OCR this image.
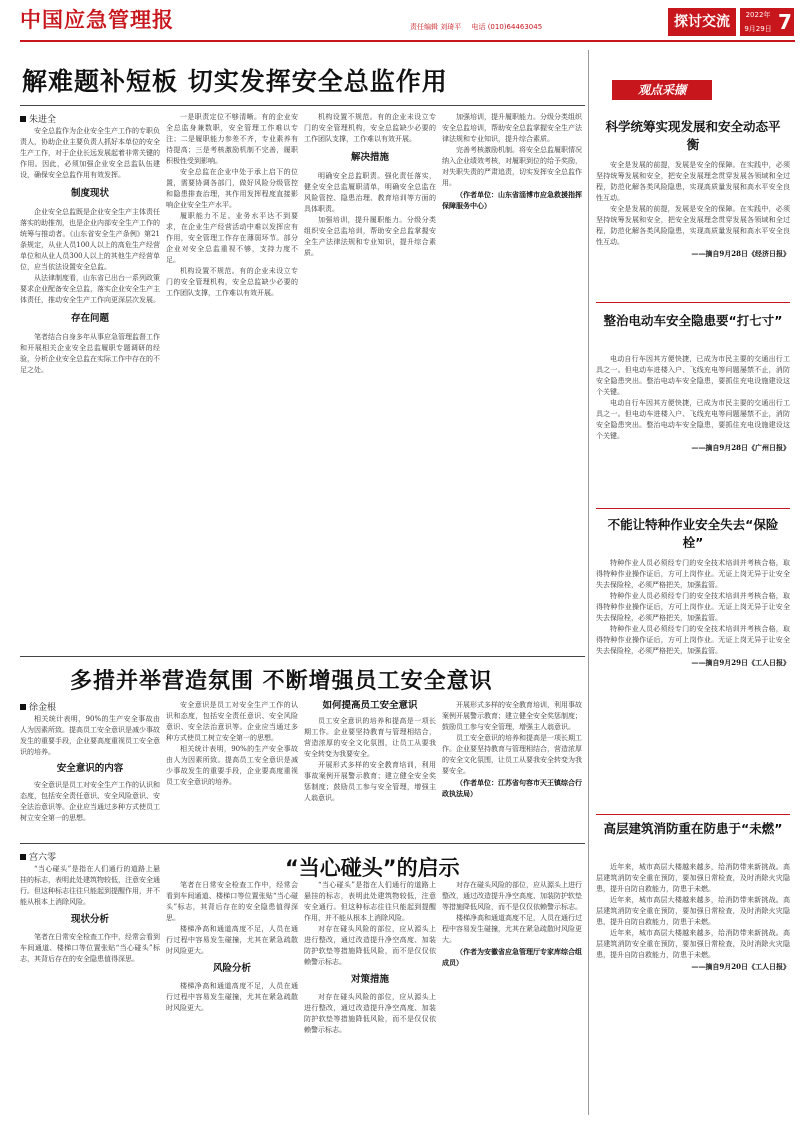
中国应急管理报	责任编辑 刘琦平 电话 (010)64463045	探讨交流	2022年
9月29日 7
解难题补短板 切实发挥安全总监作用
朱进全

安全总监作为企业安全生产工作的专职负责人，协助企业主要负责人抓好本单位的安全生产工作，对于企业长远发展起着非常关键的作用。因此，必须加强企业安全总监队伍建设，确保安全总监作用有效发挥。

制度现状

企业安全总监既是企业安全生产主体责任落实的助推剂，也是企业内部安全生产工作的统筹与推动者。《山东省安全生产条例》第21条规定，从业人员100人以上的高危生产经营单位和从业人员300人以上的其他生产经营单位，应当依法设置安全总监。

从法律制度看，山东省已出台一系列政策要求企业配备安全总监，落实企业安全生产主体责任，推动安全生产工作向更深层次发展。

存在问题

笔者结合自身多年从事应急管理监督工作和开展相关企业安全总监履职专题调研的经验，分析企业安全总监在实际工作中存在的不足之处。

一是职责定位不够清晰。有的企业安全总监身兼数职，安全管理工作难以专注；二是履职能力参差不齐，专业素养有待提高；三是考核激励机制不完善，履职积极性受到影响。

安全总监在企业中处于承上启下的位置，需要协调各部门，做好风险分级管控和隐患排查治理，其作用发挥程度直接影响企业安全生产水平。

履职能力不足。业务水平达不到要求，在企业生产经营活动中难以发挥应有作用，安全管理工作存在薄弱环节。部分企业对安全总监重视不够，支持力度不足。

机构设置不规范。有的企业未设立专门的安全管理机构，安全总监缺少必要的工作团队支撑，工作难以有效开展。

机构设置不规范。有的企业未设立专门的安全管理机构，安全总监缺少必要的工作团队支撑，工作难以有效开展。

解决措施

明确安全总监职责。强化责任落实，健全安全总监履职清单，明确安全总监在风险管控、隐患治理、教育培训等方面的具体职责。

加强培训，提升履职能力。分级分类组织安全总监培训，帮助安全总监掌握安全生产法律法规和专业知识，提升综合素质。

加强培训，提升履职能力。分级分类组织安全总监培训，帮助安全总监掌握安全生产法律法规和专业知识，提升综合素质。

完善考核激励机制。将安全总监履职情况纳入企业绩效考核，对履职到位的给予奖励，对失职失责的严肃追责，切实发挥安全总监作用。

（作者单位：山东省淄博市应急救援指挥保障服务中心）

多措并举营造氛围 不断增强员工安全意识
徐金根

相关统计表明，90%的生产安全事故由人为因素所致。提高员工安全意识是减少事故发生的重要手段，企业要高度重视员工安全意识的培养。

安全意识的内容

安全意识是员工对安全生产工作的认识和态度，包括安全责任意识、安全风险意识、安全法治意识等。企业应当通过多种方式使员工树立安全第一的思想。

安全意识是员工对安全生产工作的认识和态度，包括安全责任意识、安全风险意识、安全法治意识等。企业应当通过多种方式使员工树立安全第一的思想。

相关统计表明，90%的生产安全事故由人为因素所致。提高员工安全意识是减少事故发生的重要手段，企业要高度重视员工安全意识的培养。

如何提高员工安全意识

员工安全意识的培养和提高是一项长期工作。企业要坚持教育与管理相结合，营造浓厚的安全文化氛围，让员工从要我安全转变为我要安全。

开展形式多样的安全教育培训，利用事故案例开展警示教育；建立健全安全奖惩制度；鼓励员工参与安全管理，增强主人翁意识。

开展形式多样的安全教育培训，利用事故案例开展警示教育；建立健全安全奖惩制度；鼓励员工参与安全管理，增强主人翁意识。

员工安全意识的培养和提高是一项长期工作。企业要坚持教育与管理相结合，营造浓厚的安全文化氛围，让员工从要我安全转变为我要安全。

（作者单位：江苏省句容市天王镇综合行政执法局）

宫六零	“当心碰头”的启示

“当心碰头”是指在人们通行的道路上悬挂的标志，表明此处建筑物较低，注意安全通行。但这种标志往往只能起到提醒作用，并不能从根本上消除风险。

现状分析

笔者在日常安全检查工作中，经常会看到车间通道、楼梯口等位置张贴“当心碰头”标志，其背后存在的安全隐患值得深思。

笔者在日常安全检查工作中，经常会看到车间通道、楼梯口等位置张贴“当心碰头”标志，其背后存在的安全隐患值得深思。

楼梯净高和通道高度不足，人员在通行过程中容易发生碰撞，尤其在紧急疏散时风险更大。

风险分析

楼梯净高和通道高度不足，人员在通行过程中容易发生碰撞，尤其在紧急疏散时风险更大。

“当心碰头”是指在人们通行的道路上悬挂的标志，表明此处建筑物较低，注意安全通行。但这种标志往往只能起到提醒作用，并不能从根本上消除风险。

对存在碰头风险的部位，应从源头上进行整改，通过改造提升净空高度、加装防护软垫等措施降低风险，而不是仅仅依赖警示标志。

对策措施

对存在碰头风险的部位，应从源头上进行整改，通过改造提升净空高度、加装防护软垫等措施降低风险，而不是仅仅依赖警示标志。

对存在碰头风险的部位，应从源头上进行整改，通过改造提升净空高度、加装防护软垫等措施降低风险，而不是仅仅依赖警示标志。

楼梯净高和通道高度不足，人员在通行过程中容易发生碰撞，尤其在紧急疏散时风险更大。

（作者为安徽省应急管理厅专家库综合组成员）

观点采撷
科学统筹实现发展和安全动态平衡

安全是发展的前提，发展是安全的保障。在实践中，必须坚持统筹发展和安全，把安全发展理念贯穿发展各领域和全过程，防范化解各类风险隐患，实现高质量发展和高水平安全良性互动。

安全是发展的前提，发展是安全的保障。在实践中，必须坚持统筹发展和安全，把安全发展理念贯穿发展各领域和全过程，防范化解各类风险隐患，实现高质量发展和高水平安全良性互动。

——摘自9月28日《经济日报》

整治电动车安全隐患要“打七寸”

电动自行车因其方便快捷，已成为市民主要的交通出行工具之一。但电动车进楼入户、飞线充电等问题屡禁不止，消防安全隐患突出。整治电动车安全隐患，要抓住充电设施建设这个关键。

电动自行车因其方便快捷，已成为市民主要的交通出行工具之一。但电动车进楼入户、飞线充电等问题屡禁不止，消防安全隐患突出。整治电动车安全隐患，要抓住充电设施建设这个关键。

——摘自9月28日《广州日报》

不能让特种作业安全失去“保险栓”

特种作业人员必须经专门的安全技术培训并考核合格，取得特种作业操作证后，方可上岗作业。无证上岗无异于让安全失去保险栓，必须严格把关，加强监管。

特种作业人员必须经专门的安全技术培训并考核合格，取得特种作业操作证后，方可上岗作业。无证上岗无异于让安全失去保险栓，必须严格把关，加强监管。

特种作业人员必须经专门的安全技术培训并考核合格，取得特种作业操作证后，方可上岗作业。无证上岗无异于让安全失去保险栓，必须严格把关，加强监管。

——摘自9月29日《工人日报》

高层建筑消防重在防患于“未燃”

近年来，城市高层大楼越来越多，给消防带来新挑战。高层建筑消防安全重在预防，要加强日常检查，及时消除火灾隐患，提升自防自救能力，防患于未燃。

近年来，城市高层大楼越来越多，给消防带来新挑战。高层建筑消防安全重在预防，要加强日常检查，及时消除火灾隐患，提升自防自救能力，防患于未燃。

近年来，城市高层大楼越来越多，给消防带来新挑战。高层建筑消防安全重在预防，要加强日常检查，及时消除火灾隐患，提升自防自救能力，防患于未燃。

——摘自9月20日《工人日报》
